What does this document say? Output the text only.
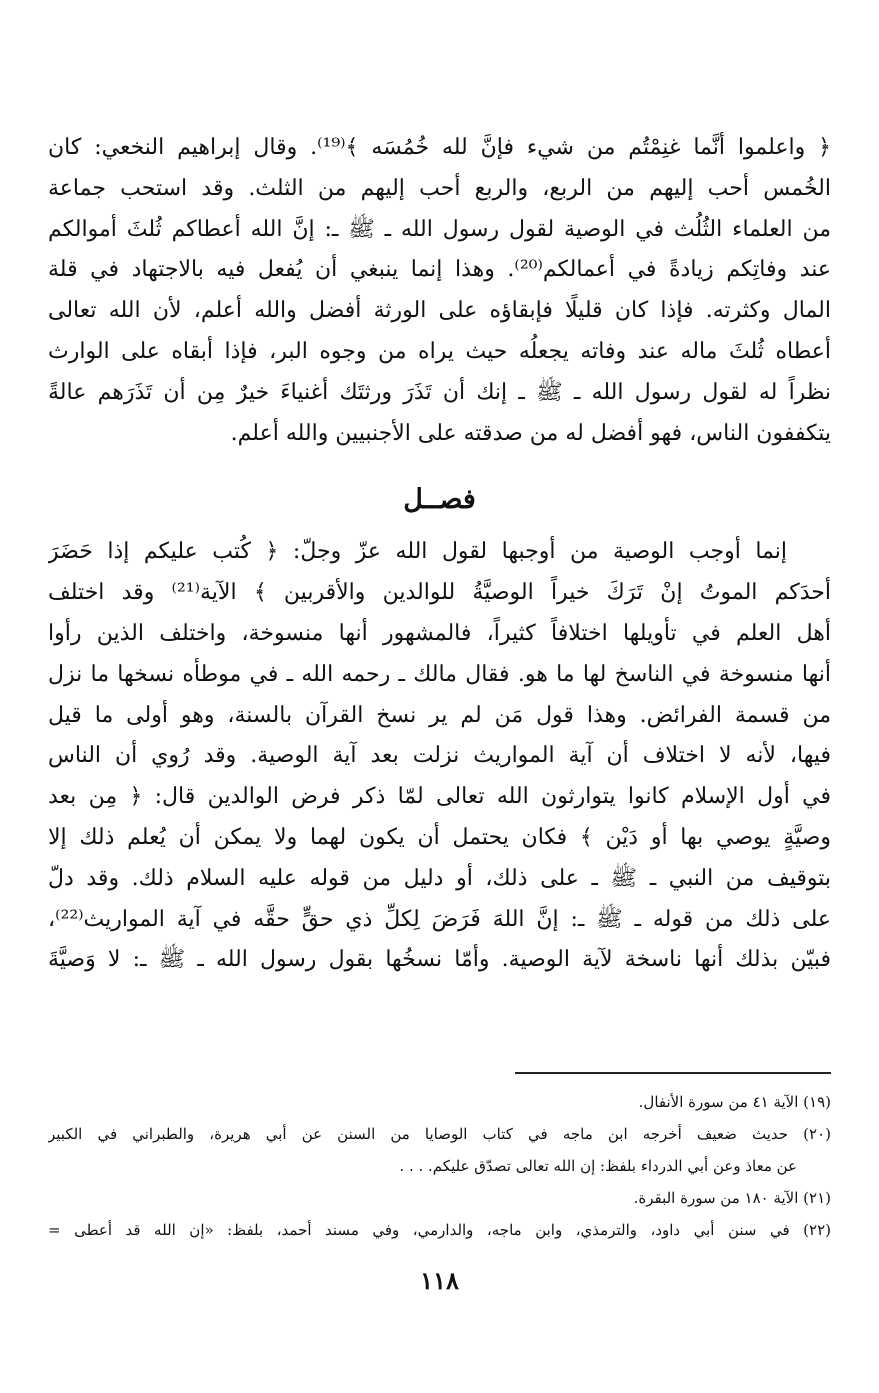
﴿ واعلموا أنَّما غنِمْتُم من شيء فإنَّ لله خُمُسَه ﴾⁽¹⁹⁾. وقال إبراهيم النخعي: كان
الخُمس أحب إليهم من الربع، والربع أحب إليهم من الثلث. وقد استحب جماعة
من العلماء الثُلُث في الوصية لقول رسول الله ـ ﷺ ـ: إنَّ الله أعطاكم ثُلثَ أموالكم
عند وفاتِكم زيادةً في أعمالكم⁽²⁰⁾. وهذا إنما ينبغي أن يُفعل فيه بالاجتهاد في قلة
المال وكثرته. فإذا كان قليلًا فإبقاؤه على الورثة أفضل والله أعلم، لأن الله تعالى
أعطاه ثُلثَ ماله عند وفاته يجعلُه حيث يراه من وجوه البر، فإذا أبقاه على الوارث
نظراً له لقول رسول الله ـ ﷺ ـ إنك أن تَذَرَ ورثتَك أغنياءَ خيرٌ مِن أن تَذَرَهم عالةً
يتكففون الناس، فهو أفضل له من صدقته على الأجنبيين والله أعلم.
فصــل
إنما أوجب الوصية من أوجبها لقول الله عزّ وجلّ: ﴿ كُتب عليكم إذا حَضَرَ
أحدَكم الموتُ إنْ تَرَكَ خيراً الوصيَّةُ للوالدين والأقربين ﴾ الآية⁽²¹⁾ وقد اختلف
أهل العلم في تأويلها اختلافاً كثيراً، فالمشهور أنها منسوخة، واختلف الذين رأوا
أنها منسوخة في الناسخ لها ما هو. فقال مالك ـ رحمه الله ـ في موطأه نسخها ما نزل
من قسمة الفرائض. وهذا قول مَن لم ير نسخ القرآن بالسنة، وهو أولى ما قيل
فيها، لأنه لا اختلاف أن آية المواريث نزلت بعد آية الوصية. وقد رُوي أن الناس
في أول الإسلام كانوا يتوارثون الله تعالى لمّا ذكر فرض الوالدين قال: ﴿ مِن بعد
وصيَّةٍ يوصي بها أو دَيْن ﴾ فكان يحتمل أن يكون لهما ولا يمكن أن يُعلم ذلك إلا
بتوقيف من النبي ـ ﷺ ـ على ذلك، أو دليل من قوله عليه السلام ذلك. وقد دلّ
على ذلك من قوله ـ ﷺ ـ: إنَّ اللهَ فَرَضَ لِكلِّ ذي حقٍّ حقَّه في آية المواريث⁽²²⁾،
فبيّن بذلك أنها ناسخة لآية الوصية. وأمّا نسخُها بقول رسول الله ـ ﷺ ـ: لا وَصيَّةَ
(١٩) الآية ٤١ من سورة الأنفال.
(٢٠) حديث ضعيف أخرجه ابن ماجه في كتاب الوصايا من السنن عن أبي هريرة، والطبراني في الكبير
عن معاذ وعن أبي الدرداء بلفظ: إن الله تعالى تصدّق عليكم. . . .
(٢١) الآية ١٨٠ من سورة البقرة.
(٢٢) في سنن أبي داود، والترمذي، وابن ماجه، والدارمي، وفي مسند أحمد، بلفظ: «إن الله قد أعطى =
١١٨
